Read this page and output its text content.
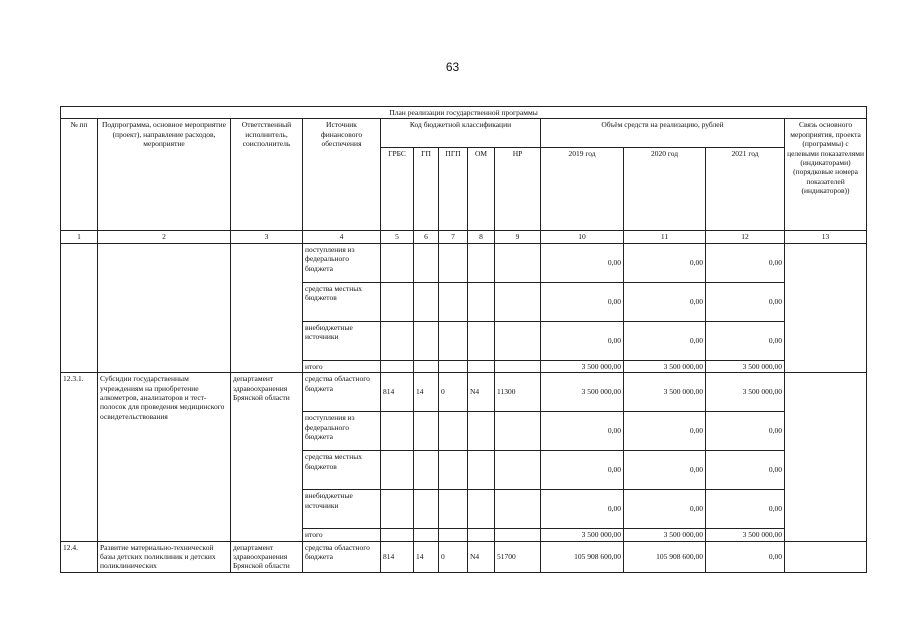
63
План реализации государственной программы												
№ пп	Подпрограмма, основное мероприятие (проект), направление расходов, мероприятие	Ответственный исполнитель, соисполнитель	Источник финансового обеспечения	Код бюджетной классификации					Объём средств на реализацию, рублей			Связь основного мероприятия, проекта (программы) с целевыми показателями (индикаторами) (порядковые номера показателей (индикаторов))
				ГРБС	ГП	ПГП	ОМ	НР	2019 год	2020 год	2021 год	
1	2	3	4	5	6	7	8	9	10	11	12	13
			поступления из федерального бюджета						0,00	0,00	0,00	
			средства местных бюджетов						0,00	0,00	0,00	
			внебюджетные источники						0,00	0,00	0,00	
			итого						3 500 000,00	3 500 000,00	3 500 000,00	
12.3.1.	Субсидии государственным учреждениям на приобретение алкометров, анализаторов и тест-полосок для проведения медицинского освидетельствования	департамент здравоохранения Брянской области	средства областного бюджета	814	14	0	N4	11300	3 500 000,00	3 500 000,00	3 500 000,00	
			поступления из федерального бюджета						0,00	0,00	0,00	
			средства местных бюджетов						0,00	0,00	0,00	
			внебюджетные источники						0,00	0,00	0,00	
			итого						3 500 000,00	3 500 000,00	3 500 000,00	
12.4.	Развитие материально-технической базы детских поликлиник и детских поликлинических	департамент здравоохранения Брянской области	средства областного бюджета	814	14	0	N4	51700	105 908 600,00	105 908 600,00	0,00	
